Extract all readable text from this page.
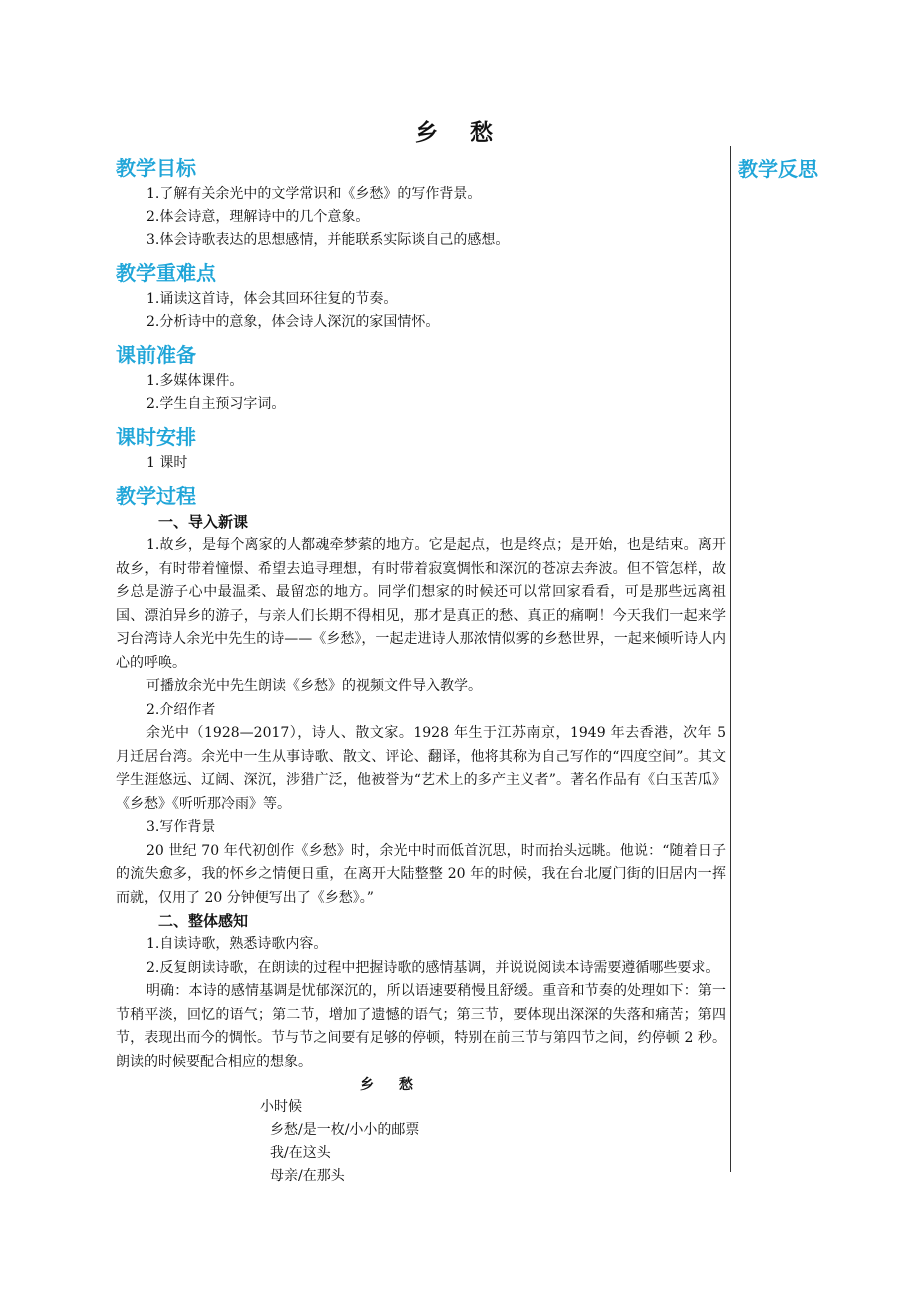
乡 愁
教学反思
教学目标

1.了解有关余光中的文学常识和《乡愁》的写作背景。

2.体会诗意，理解诗中的几个意象。

3.体会诗歌表达的思想感情，并能联系实际谈自己的感想。

教学重难点

1.诵读这首诗，体会其回环往复的节奏。

2.分析诗中的意象，体会诗人深沉的家国情怀。

课前准备

1.多媒体课件。

2.学生自主预习字词。

课时安排

1 课时

教学过程
一、导入新课

1.故乡，是每个离家的人都魂牵梦萦的地方。它是起点，也是终点；是开始，也是结束。离开故乡，有时带着憧憬、希望去追寻理想，有时带着寂寞惆怅和深沉的苍凉去奔波。但不管怎样，故乡总是游子心中最温柔、最留恋的地方。同学们想家的时候还可以常回家看看，可是那些远离祖国、漂泊异乡的游子，与亲人们长期不得相见，那才是真正的愁、真正的痛啊！今天我们一起来学习台湾诗人余光中先生的诗——《乡愁》，一起走进诗人那浓情似雾的乡愁世界，一起来倾听诗人内心的呼唤。

可播放余光中先生朗读《乡愁》的视频文件导入教学。

2.介绍作者

余光中（1928—2017），诗人、散文家。1928 年生于江苏南京，1949 年去香港，次年 5 月迁居台湾。余光中一生从事诗歌、散文、评论、翻译，他将其称为自己写作的“四度空间”。其文学生涯悠远、辽阔、深沉，涉猎广泛，他被誉为“艺术上的多产主义者”。著名作品有《白玉苦瓜》《乡愁》《听听那冷雨》等。

3.写作背景

20 世纪 70 年代初创作《乡愁》时，余光中时而低首沉思，时而抬头远眺。他说：“随着日子的流失愈多，我的怀乡之情便日重，在离开大陆整整 20 年的时候，我在台北厦门街的旧居内一挥而就，仅用了 20 分钟便写出了《乡愁》。”

二、整体感知

1.自读诗歌，熟悉诗歌内容。

2.反复朗读诗歌，在朗读的过程中把握诗歌的感情基调，并说说阅读本诗需要遵循哪些要求。

明确：本诗的感情基调是忧郁深沉的，所以语速要稍慢且舒缓。重音和节奏的处理如下：第一节稍平淡，回忆的语气；第二节，增加了遗憾的语气；第三节，要体现出深深的失落和痛苦；第四节，表现出而今的惆怅。节与节之间要有足够的停顿，特别在前三节与第四节之间，约停顿 2 秒。朗读的时候要配合相应的想象。

乡 愁

小时候

乡愁/是一枚/小小的邮票

我/在这头

母亲/在那头
